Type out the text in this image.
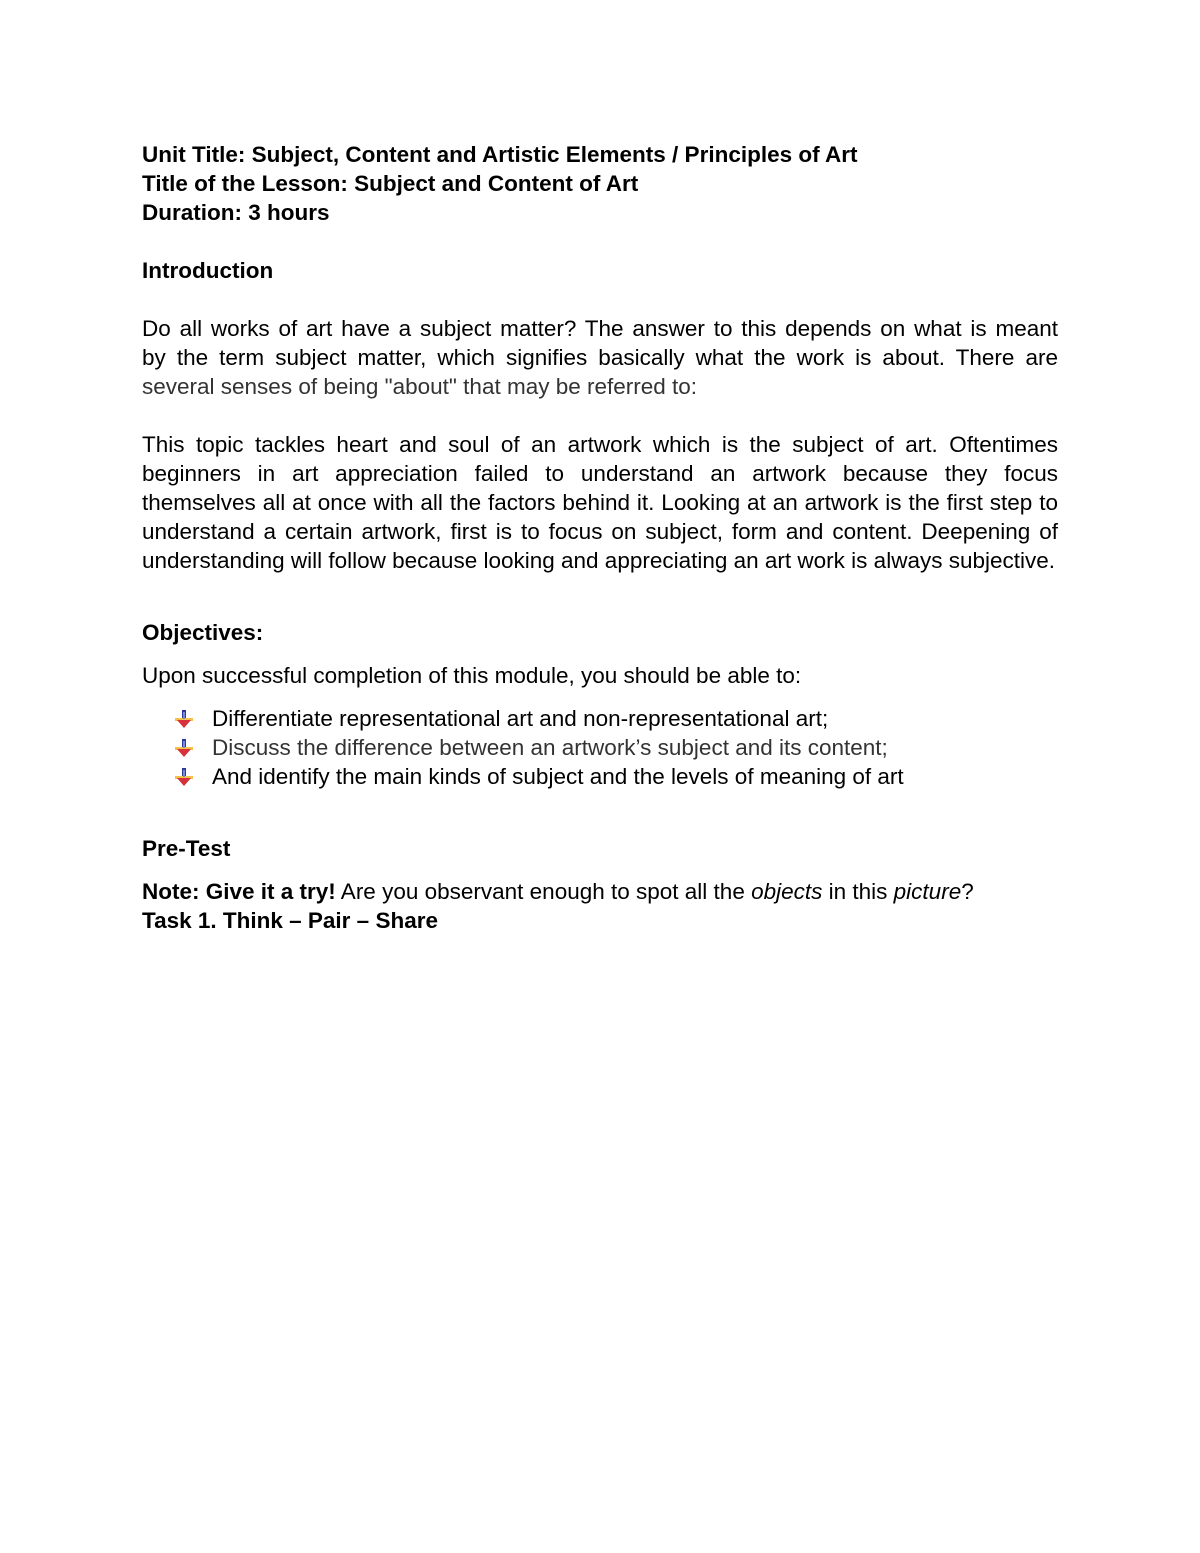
Unit Title: Subject, Content and Artistic Elements / Principles of Art
Title of the Lesson: Subject and Content of Art
Duration: 3 hours
Introduction

Do all works of art have a subject matter? The answer to this depends on what is meant

by the term subject matter, which signifies basically what the work is about. There are

several senses of being "about" that may be referred to:

This topic tackles heart and soul of an artwork which is the subject of art. Oftentimes beginners in art appreciation failed to understand an artwork because they focus themselves all at once with all the factors behind it. Looking at an artwork is the first step to understand a certain artwork, first is to focus on subject, form and content. Deepening of understanding will follow because looking and appreciating an art work is always subjective.

Objectives:
Upon successful completion of this module, you should be able to:
Differentiate representational art and non-representational art;
Discuss the difference between an artwork’s subject and its content;
And identify the main kinds of subject and the levels of meaning of art
Pre-Test
Note: Give it a try! Are you observant enough to spot all the objects in this picture?
Task 1. Think – Pair – Share
